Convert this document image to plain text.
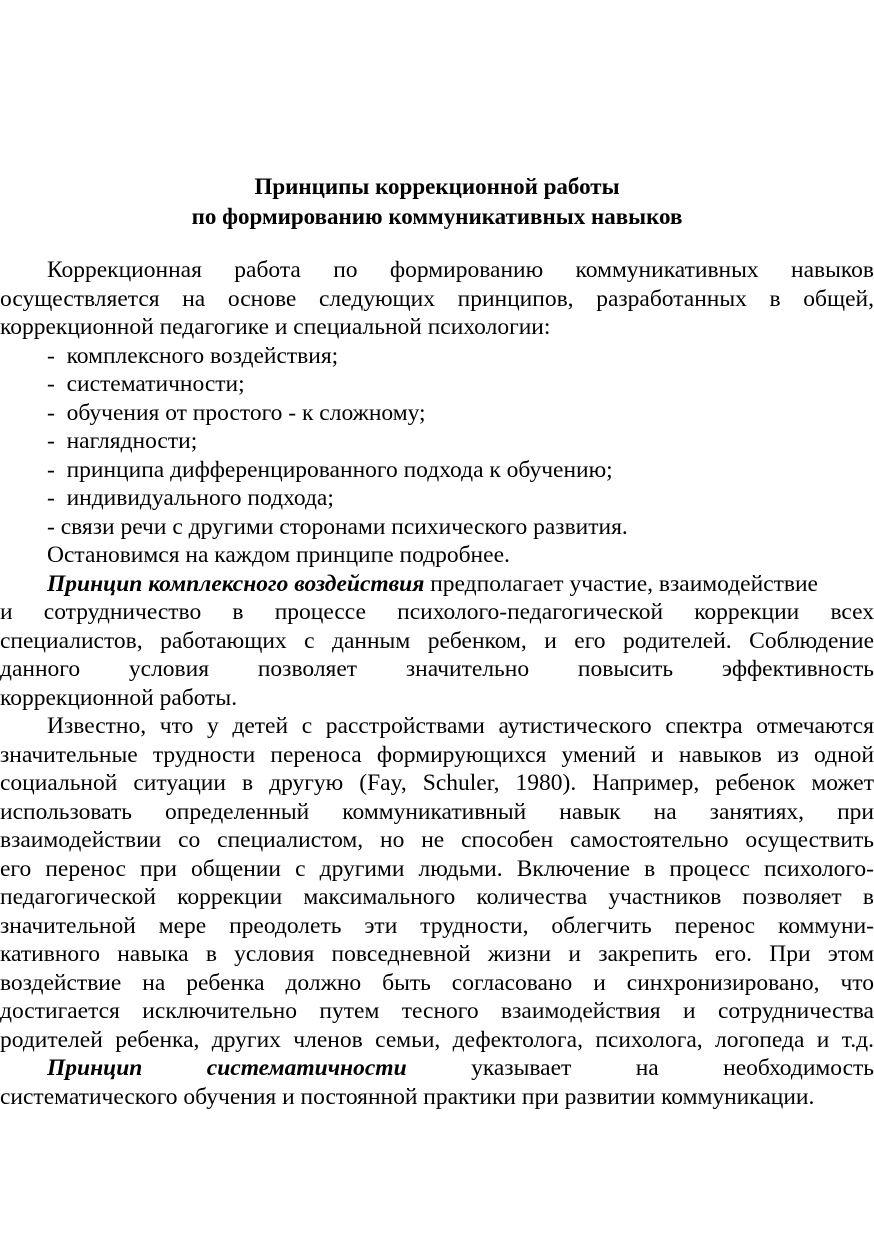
Принципы коррекционной работы
по формированию коммуникативных навыков
Коррекционная работа по формированию коммуникативных навыков
осуществляется на основе следующих принципов, разработанных в общей,
коррекционной педагогике и специальной психологии:
-  комплексного воздействия;
-  систематичности;
-  обучения от простого - к сложному;
-  наглядности;
-  принципа дифференцированного подхода к обучению;
-  индивидуального подхода;
- связи речи с другими сторонами психического развития.
Остановимся на каждом принципе подробнее.
Принцип комплексного воздействия предполагает участие, взаимодействие
и сотрудничество в процессе психолого-педагогической коррекции всех
специалистов, работающих с данным ребенком, и его родителей. Соблюдение
данного условия позволяет значительно повысить эффективность
коррекционной работы.
Известно, что у детей с расстройствами аутистического спектра отмечаются
значительные трудности переноса формирующихся умений и навыков из одной
социальной ситуации в другую (Fay, Schuler, 1980). Например, ребенок может
использовать определенный коммуникативный навык на занятиях, при
взаимодействии со специалистом, но не способен самостоятельно осуществить
его перенос при общении с другими людьми. Включение в процесс психолого-
педагогической коррекции максимального количества участников позволяет в
значительной мере преодолеть эти трудности, облегчить перенос коммуни-
кативного навыка в условия повседневной жизни и закрепить его. При этом
воздействие на ребенка должно быть согласовано и синхронизировано, что
достигается исключительно путем тесного взаимодействия и сотрудничества
родителей ребенка, других членов семьи, дефектолога, психолога, логопеда и т.д.
Принцип	систематичности	указывает на необходимость
систематического обучения и постоянной практики при развитии коммуникации.
